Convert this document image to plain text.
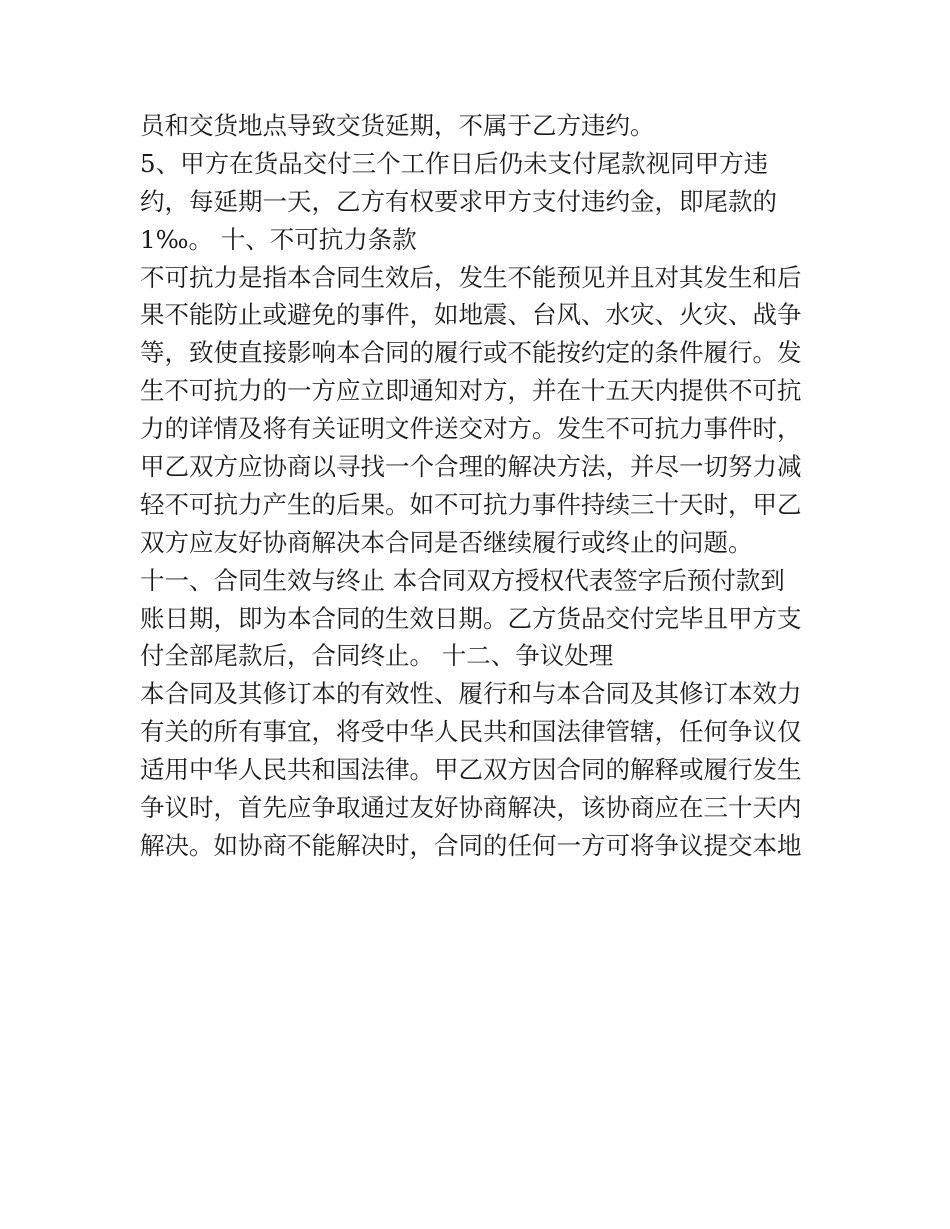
员和交货地点导致交货延期，不属于乙方违约。
5、甲方在货品交付三个工作日后仍未支付尾款视同甲方违
约，每延期一天，乙方有权要求甲方支付违约金，即尾款的
1‰。 十、不可抗力条款
不可抗力是指本合同生效后，发生不能预见并且对其发生和后
果不能防止或避免的事件，如地震、台风、水灾、火灾、战争
等，致使直接影响本合同的履行或不能按约定的条件履行。发
生不可抗力的一方应立即通知对方，并在十五天内提供不可抗
力的详情及将有关证明文件送交对方。发生不可抗力事件时，
甲乙双方应协商以寻找一个合理的解决方法，并尽一切努力减
轻不可抗力产生的后果。如不可抗力事件持续三十天时，甲乙
双方应友好协商解决本合同是否继续履行或终止的问题。
十一、合同生效与终止 本合同双方授权代表签字后预付款到
账日期，即为本合同的生效日期。乙方货品交付完毕且甲方支
付全部尾款后，合同终止。 十二、争议处理
本合同及其修订本的有效性、履行和与本合同及其修订本效力
有关的所有事宜，将受中华人民共和国法律管辖，任何争议仅
适用中华人民共和国法律。甲乙双方因合同的解释或履行发生
争议时，首先应争取通过友好协商解决，该协商应在三十天内
解决。如协商不能解决时，合同的任何一方可将争议提交本地
